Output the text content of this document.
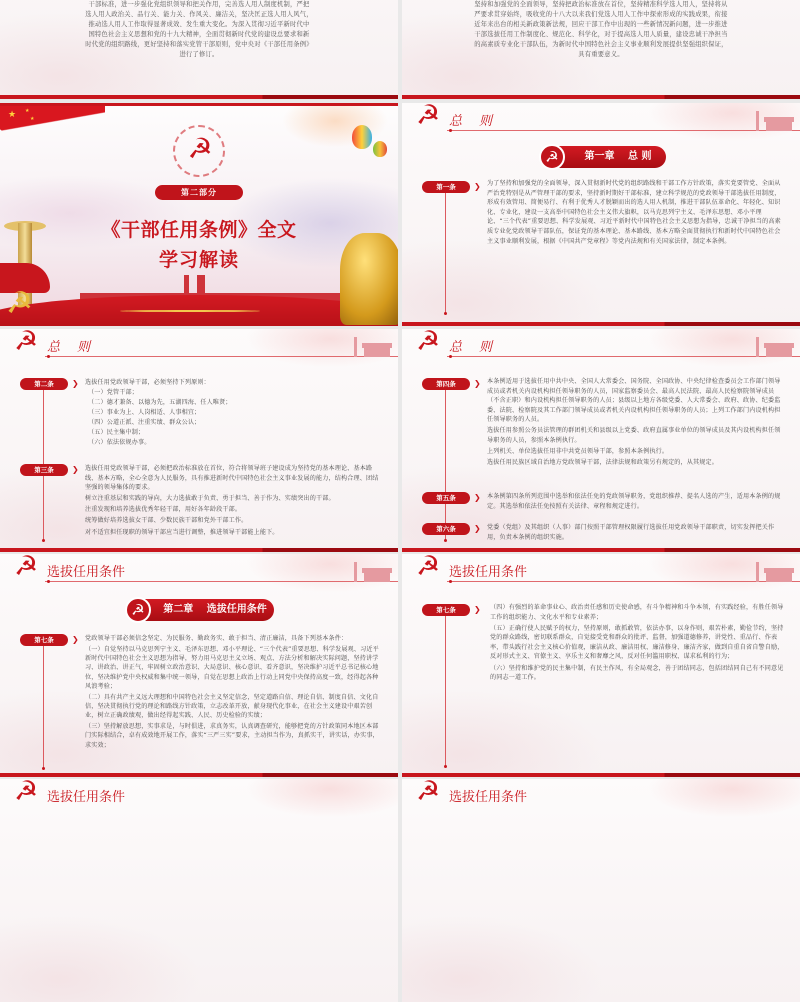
干部标准，进一步强化党组织领导和把关作用，完善选人用人制度机制，严把
选人用人政治关、品行关、能力关、作风关、廉洁关，坚决匡正选人用人风气，
推动选人用人工作取得显著成效、发生重大变化。为深入贯彻习近平新时代中
国特色社会主义思想和党的十九大精神，全面贯彻新时代党的建设总要求和新
时代党的组织路线，更好坚持和落实党管干部原则，党中央对《干部任用条例》
进行了修订。
坚持和加强党的全面领导，坚持把政治标准放在首位，坚持精准科学选人用人，坚持将从
严要求贯穿始终，吸收党的十八大以来我们党选人用人工作中探索形成的实践成果，衔接
近年来出台的相关新政策新法规，回应干部工作中出现的一些新情况新问题，进一步推进
干部选拔任用工作制度化、规范化、科学化，对于提高选人用人质量，建设忠诚干净担当
的高素质专业化干部队伍，为新时代中国特色社会主义事业顺利发展提供坚强组织保证，
具有重要意义。
★ ★
★
☭
第二部分
《干部任用条例》全文
学习解读
☭
☭ 总　则
☭	第一章　 总 则
第一条	❯ 为了坚持和加强党的全面领导，深入贯彻新时代党的组织路线和干部工作方针政策，落实党要管党、全面从严治党特别是从严管理干部的要求，坚持新时期好干部标准，建立科学规范的党政领导干部选拔任用制度，形成有效管用、简便易行、有利于优秀人才脱颖而出的选人用人机制，推进干部队伍革命化、年轻化、知识化、专业化，建设一支高举中国特色社会主义伟大旗帜，以马克思列宁主义、毛泽东思想、邓小平理论、“三个代表”重要思想、科学发展观、习近平新时代中国特色社会主义思想为指导，忠诚干净担当的高素质专业化党政领导干部队伍，保证党的基本理论、基本路线、基本方略全面贯彻执行和新时代中国特色社会主义事业顺利发展，根据《中国共产党章程》等党内法规和有关国家法律，制定本条例。

☭ 总　则
第二条	❯ 选拔任用党政领导干部，必须坚持下列原则：
（一）党管干部；
（二）德才兼备、以德为先，五湖四海、任人唯贤；
（三）事业为上、人岗相适、人事相宜；
（四）公道正派、注重实绩、群众公认；
（五）民主集中制；
（六）依法依规办事。
第三条	❯ 选拔任用党政领导干部，必须把政治标准放在首位，符合将领导班子建设成为坚持党的基本理论、基本路线、基本方略，全心全意为人民服务，具有推进新时代中国特色社会主义事业发展的能力，结构合理、团结坚强的领导集体的要求。

树立注重基层和实践的导向，大力选拔敢于负责、勇于担当、善于作为、实绩突出的干部。

注重发现和培养选拔优秀年轻干部，用好各年龄段干部。

统筹做好培养选拔女干部、少数民族干部和党外干部工作。

对不适宜担任现职的领导干部应当进行调整，推进领导干部能上能下。

☭ 总　则
第四条	❯ 本条例适用于选拔任用中共中央、全国人大常委会、国务院、全国政协、中央纪律检查委员会工作部门领导成员或者机关内设机构担任领导职务的人员，国家监察委员会、最高人民法院、最高人民检察院领导成员（不含正职）和内设机构担任领导职务的人员；县级以上地方各级党委、人大常委会、政府、政协、纪委监委、法院、检察院及其工作部门领导成员或者机关内设机构担任领导职务的人员；上列工作部门内设机构担任领导职务的人员。

选拔任用参照公务员法管理的群团机关和县级以上党委、政府直属事业单位的领导成员及其内设机构担任领导职务的人员，参照本条例执行。

上列机关、单位选拔任用非中共党员领导干部，参照本条例执行。

选拔任用民族区域自治地方党政领导干部，法律法规和政策另有规定的，从其规定。

第五条	❯ 本条例第四条所列范围中选举和依法任免的党政领导职务，党组织推荐、提名人选的产生，适用本条例的规定。其选举和依法任免按照有关法律、章程和规定进行。

第六条	❯ 党委（党组）及其组织（人事）部门按照干部管理权限履行选拔任用党政领导干部职责，切实发挥把关作用，负责本条例的组织实施。

☭ 选拔任用条件
☭	第二章　 选拔任用条件
第七条	❯ 党政领导干部必须信念坚定、为民服务、勤政务实、敢于担当、清正廉洁，具备下列基本条件：

（一）自觉坚持以马克思列宁主义、毛泽东思想、邓小平理论、“三个代表”重要思想、科学发展观、习近平新时代中国特色社会主义思想为指导，努力用马克思主义立场、观点、方法分析和解决实际问题，坚持讲学习、讲政治、讲正气，牢固树立政治意识、大局意识、核心意识、看齐意识，坚决维护习近平总书记核心地位，坚决维护党中央权威和集中统一领导，自觉在思想上政治上行动上同党中央保持高度一致，经得起各种风浪考验；

（二）具有共产主义远大理想和中国特色社会主义坚定信念，坚定道路自信、理论自信、制度自信、文化自信，坚决贯彻执行党的理论和路线方针政策，立志改革开放，献身现代化事业，在社会主义建设中艰苦创业，树立正确政绩观，做出经得起实践、人民、历史检验的实绩；

（三）坚持解放思想，实事求是，与时俱进，求真务实，认真调查研究，能够把党的方针政策同本地区本部门实际相结合，卓有成效地开展工作，落实“三严三实”要求，主动担当作为，真抓实干，讲实话，办实事，求实效；

☭ 选拔任用条件
第七条	❯ （四）有强烈的革命事业心、政治责任感和历史使命感，有斗争精神和斗争本领，有实践经验，有胜任领导工作的组织能力、文化水平和专业素养；

（五）正确行使人民赋予的权力，坚持原则，敢抓敢管，依法办事，以身作则，艰苦朴素，勤俭节约，坚持党的群众路线，密切联系群众，自觉接受党和群众的批评、监督，加强道德修养，讲党性、重品行、作表率，带头践行社会主义核心价值观，廉洁从政、廉洁用权、廉洁修身、廉洁齐家，做到自重自省自警自励，反对形式主义、官僚主义、享乐主义和奢靡之风，反对任何滥用职权、谋求私利的行为；

（六）坚持和维护党的民主集中制，有民主作风，有全局观念，善于团结同志，包括团结同自己有不同意见的同志一道工作。

☭ 选拔任用条件	☭ 选拔任用条件
